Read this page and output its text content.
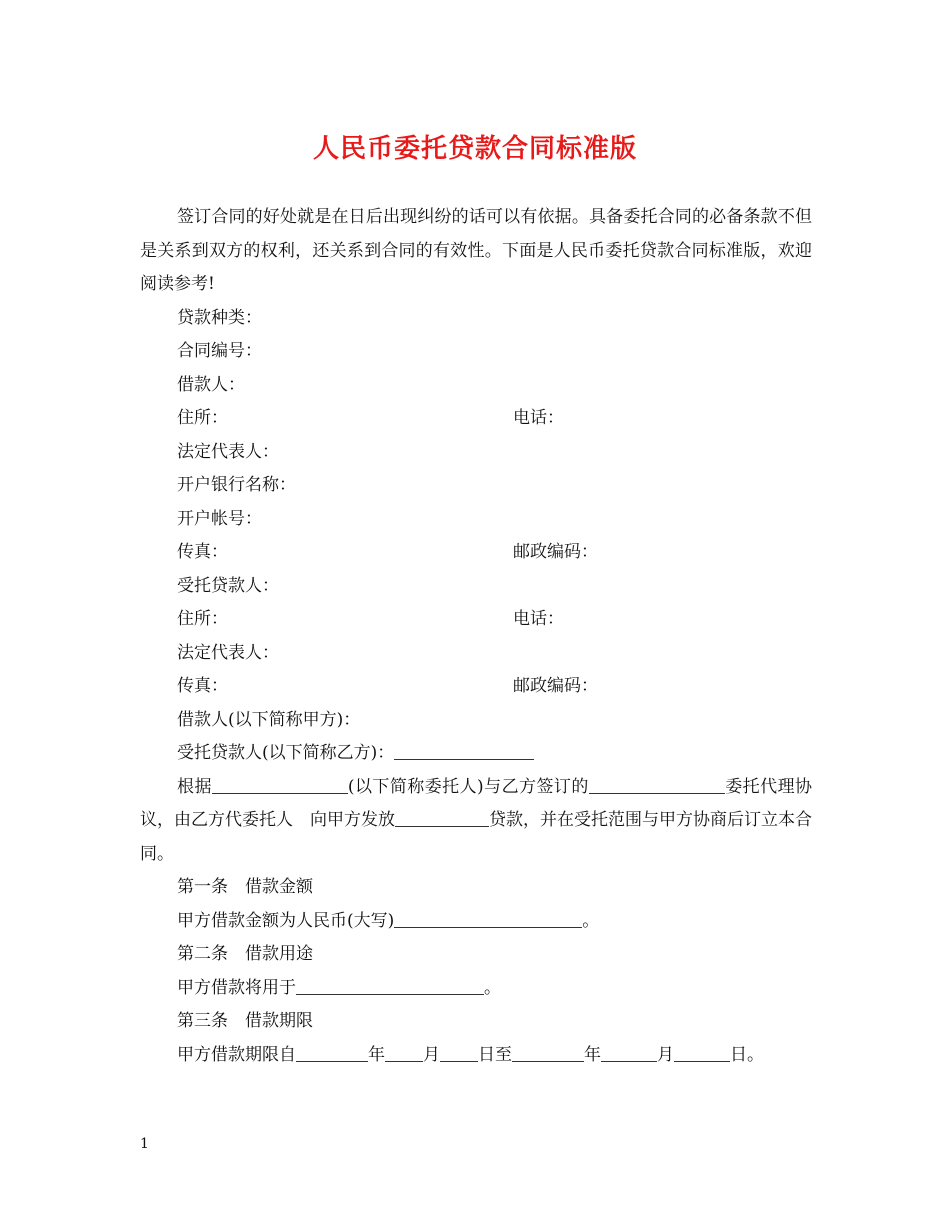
人民币委托贷款合同标准版

签订合同的好处就是在日后出现纠纷的话可以有依据。具备委托合同的必备条款不但是关系到双方的权利，还关系到合同的有效性。下面是人民币委托贷款合同标准版，欢迎阅读参考!

贷款种类：

合同编号：

借款人：

住所：	电话：

法定代表人：

开户银行名称：

开户帐号：

传真：	邮政编码：

受托贷款人：

住所：	电话：

法定代表人：

传真：	邮政编码：

借款人(以下简称甲方)：

受托贷款人(以下简称乙方)：

根据	(以下简称委托人)与乙方签订的	委托代理协议，由乙方代委托人　向甲方发放	贷款，并在受托范围与甲方协商后订立本合同。

第一条　借款金额

甲方借款金额为人民币(大写)	。

第二条　借款用途

甲方借款将用于	。

第三条　借款期限

甲方借款期限自	年 月 日至	年	月	日。

1
